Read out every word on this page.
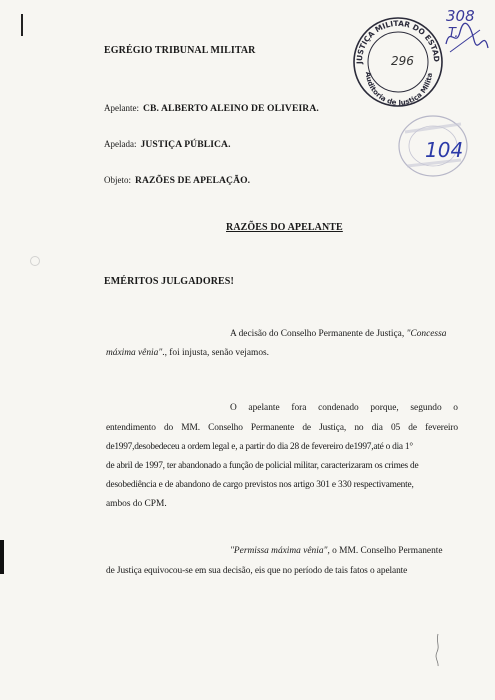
EGRÉGIO TRIBUNAL MILITAR
Apelante: CB. ALBERTO ALEINO DE OLIVEIRA.
Apelada: JUSTIÇA PÚBLICA.
Objeto: RAZÕES DE APELAÇÃO.
RAZÕES DO APELANTE
EMÉRITOS JULGADORES!
A decisão do Conselho Permanente de Justiça, "Concessa
máxima vênia"., foi injusta, senão vejamos.
O apelante fora condenado porque, segundo o
entendimento do MM. Conselho Permanente de Justiça, no dia 05 de fevereiro
de1997,desobedeceu a ordem legal e, a partir do dia 28 de fevereiro de1997,até o dia 1°
de abril de 1997, ter abandonado a função de policial militar, caracterizaram os crimes de
desobediência e de abandono de cargo previstos nos artigo 301 e 330 respectivamente,
ambos do CPM.
"Permissa máxima vênia", o MM. Conselho Permanente
de Justiça equivocou-se em sua decisão, eis que no período de tais fatos o apelante
JUSTIÇA MILITAR DO ESTAD
Auditoria de Justiça Milita
296
308
T.
104
